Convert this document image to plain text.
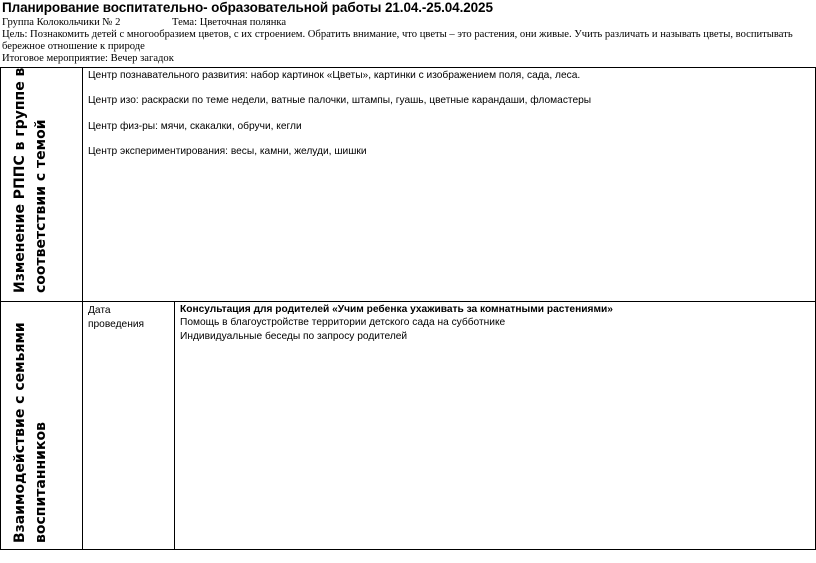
Планирование воспитательно- образовательной работы 21.04.-25.04.2025
Группа Колокольчики № 2	Тема: Цветочная полянка
Цель: Познакомить детей с многообразием цветов, с их строением. Обратить внимание, что цветы – это растения, они живые. Учить различать и называть цветы, воспитывать бережное отношение к природе
Итоговое мероприятие: Вечер загадок
Изменение РППС в группе в соответствии с темой
Центр познавательного развития: набор картинок «Цветы», картинки с изображением поля, сада, леса.
Центр изо: раскраски по теме недели, ватные палочки, штампы, гуашь, цветные карандаши, фломастеры
Центр физ-ры: мячи, скакалки, обручи, кегли
Центр экспериментирования: весы, камни, желуди, шишки
Взаимодействие с семьями воспитанников
Дата
проведения
Консультация для родителей «Учим ребенка ухаживать за комнатными растениями»
Помощь в благоустройстве территории детского сада на субботнике
Индивидуальные беседы по запросу родителей
